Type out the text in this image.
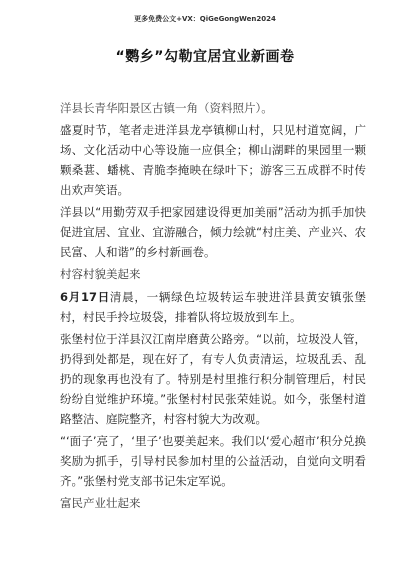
更多免费公文+VX：QiGeGongWen2024
“鹦乡”勾勒宜居宜业新画卷

洋县长青华阳景区古镇一角（资料照片）。

盛夏时节，笔者走进洋县龙亭镇柳山村，只见村道宽阔，广场、文化活动中心等设施一应俱全；柳山湖畔的果园里一颗颗桑葚、蟠桃、青脆李掩映在绿叶下；游客三五成群不时传出欢声笑语。

洋县以“用勤劳双手把家园建设得更加美丽”活动为抓手加快促进宜居、宜业、宜游融合，倾力绘就“村庄美、产业兴、农民富、人和谐”的乡村新画卷。

村容村貌美起来

6月17日清晨，一辆绿色垃圾转运车驶进洋县黄安镇张堡村，村民手拎垃圾袋，排着队将垃圾放到车上。

张堡村位于洋县汉江南岸磨黄公路旁。“以前，垃圾没人管，扔得到处都是，现在好了，有专人负责清运，垃圾乱丢、乱扔的现象再也没有了。特别是村里推行积分制管理后，村民纷纷自觉维护环境。”张堡村村民张荣娃说。如今，张堡村道路整洁、庭院整齐，村容村貌大为改观。

“‘面子’亮了，‘里子’也要美起来。我们以‘爱心超市’积分兑换奖励为抓手，引导村民参加村里的公益活动，自觉向文明看齐。”张堡村党支部书记朱定军说。

富民产业壮起来
